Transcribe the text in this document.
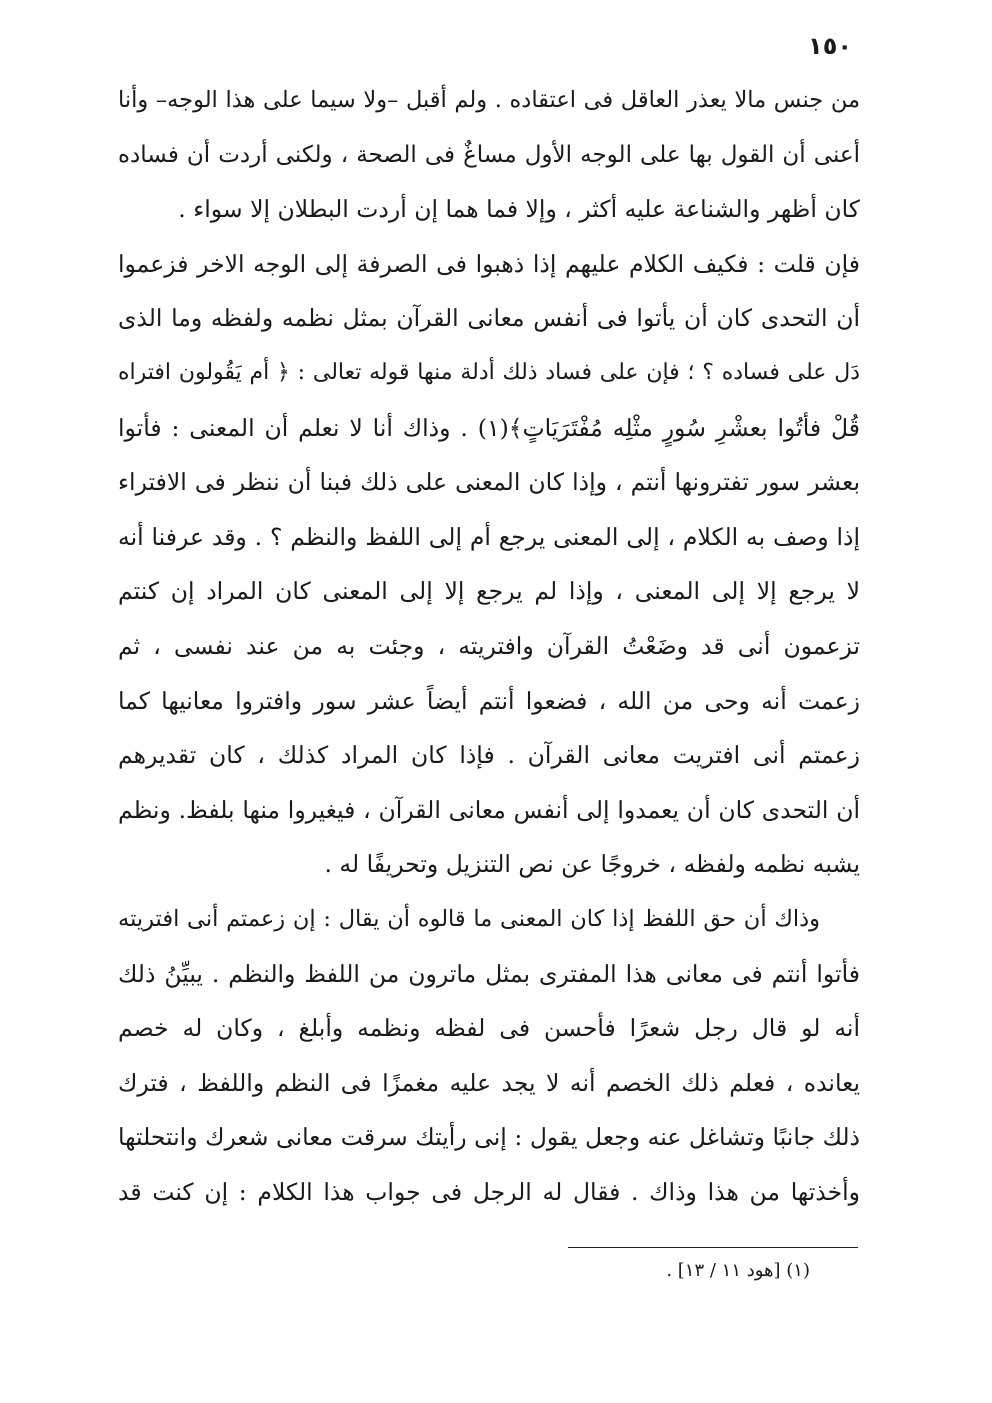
١٥٠
من جنس مالا يعذر العاقل فى اعتقاده . ولم أقبل –ولا سيما على هذا الوجه– وأنا
أعنى أن القول بها على الوجه الأول مساغٌ فى الصحة ، ولكنى أردت أن فساده
كان أظهر والشناعة عليه أكثر ، وإلا فما هما إن أردت البطلان إلا سواء .
فإن قلت : فكيف الكلام عليهم إذا ذهبوا فى الصرفة إلى الوجه الاخر فزعموا
أن التحدى كان أن يأتوا فى أنفس معانى القرآن بمثل نظمه ولفظه وما الذى
دَل على فساده ؟ ؛ فإن على فساد ذلك أدلة منها قوله تعالى : ﴿ أم يَقُولون افتراه
قُلْ فأتُوا بعشْرِ سُورٍ مثْلِه مُفْتَرَيَاتٍ﴾(١) . وذاك أنا لا نعلم أن المعنى : فأتوا
بعشر سور تفترونها أنتم ، وإذا كان المعنى على ذلك فبنا أن ننظر فى الافتراء
إذا وصف به الكلام ، إلى المعنى يرجع أم إلى اللفظ والنظم ؟ . وقد عرفنا أنه
لا يرجع إلا إلى المعنى ، وإذا لم يرجع إلا إلى المعنى كان المراد إن كنتم
تزعمون أنى قد وضَعْتُ القرآن وافتريته ، وجئت به من عند نفسى ، ثم
زعمت أنه وحى من الله ، فضعوا أنتم أيضاً عشر سور وافتروا معانيها كما
زعمتم أنى افتريت معانى القرآن . فإذا كان المراد كذلك ، كان تقديرهم
أن التحدى كان أن يعمدوا إلى أنفس معانى القرآن ، فيغيروا منها بلفظ. ونظم
يشبه نظمه ولفظه ، خروجًا عن نص التنزيل وتحريفًا له .
وذاك أن حق اللفظ إذا كان المعنى ما قالوه أن يقال : إن زعمتم أنى افتريته
فأتوا أنتم فى معانى هذا المفترى بمثل ماترون من اللفظ والنظم . يبيِّنُ ذلك
أنه لو قال رجل شعرًا فأحسن فى لفظه ونظمه وأبلغ ، وكان له خصم
يعانده ، فعلم ذلك الخصم أنه لا يجد عليه مغمزًا فى النظم واللفظ ، فترك
ذلك جانبًا وتشاغل عنه وجعل يقول : إنى رأيتك سرقت معانى شعرك وانتحلتها
وأخذتها من هذا وذاك . فقال له الرجل فى جواب هذا الكلام : إن كنت قد
(١) [هود ١١ / ١٣] .
